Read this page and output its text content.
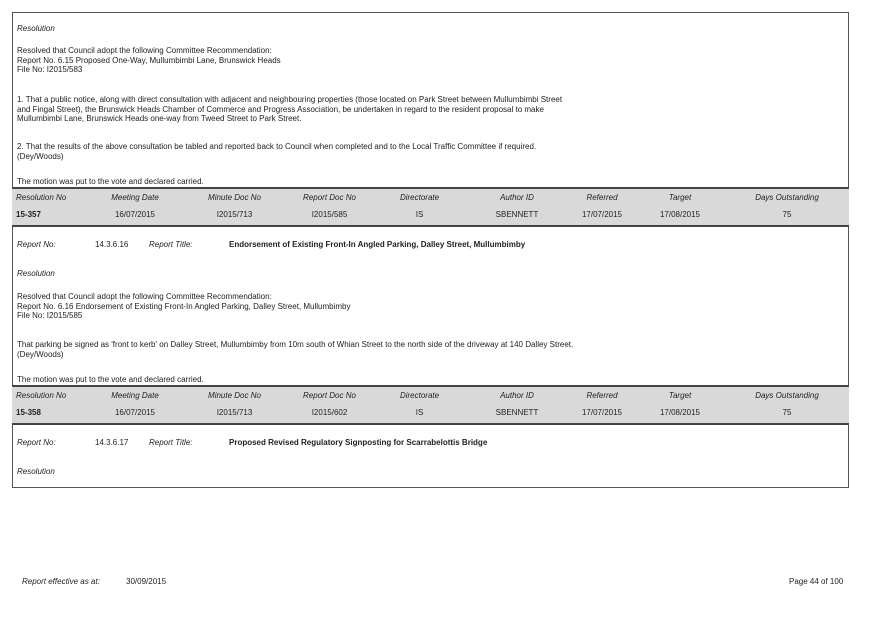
Resolution
Resolved that Council adopt the following Committee Recommendation:
Report No. 6.15 Proposed One-Way, Mullumbimbi Lane, Brunswick Heads
File No: I2015/583
1. That a public notice, along with direct consultation with adjacent and neighbouring properties (those located on Park Street between Mullumbimbi Street
and Fingal Street), the Brunswick Heads Chamber of Commerce and Progress Association, be undertaken in regard to the resident proposal to make
Mullumbimbi Lane, Brunswick Heads one-way from Tweed Street to Park Street.
2. That the results of the above consultation be tabled and reported back to Council when completed and to the Local Traffic Committee if required.
(Dey/Woods)
The motion was put to the vote and declared carried.
Resolution No	Meeting Date	Minute Doc No	Report Doc No	Directorate	Author ID	Referred	Target	Days Outstanding
15-357	16/07/2015	I2015/713	I2015/585	IS	SBENNETT	17/07/2015	17/08/2015	75
Report No:	14.3.6.16	Report Title:	Endorsement of Existing Front-In Angled Parking, Dalley Street, Mullumbimby
Resolution
Resolved that Council adopt the following Committee Recommendation:
Report No. 6.16 Endorsement of Existing Front-In Angled Parking, Dalley Street, Mullumbimby
File No: I2015/585
That parking be signed as 'front to kerb' on Dalley Street, Mullumbimby from 10m south of Whian Street to the north side of the driveway at 140 Dalley Street.
(Dey/Woods)
The motion was put to the vote and declared carried.
Resolution No	Meeting Date	Minute Doc No	Report Doc No	Directorate	Author ID	Referred	Target	Days Outstanding
15-358	16/07/2015	I2015/713	I2015/602	IS	SBENNETT	17/07/2015	17/08/2015	75
Report No:	14.3.6.17	Report Title:	Proposed Revised Regulatory Signposting for Scarrabelottis Bridge
Resolution
Report effective as at:	30/09/2015	Page 44 of 100
